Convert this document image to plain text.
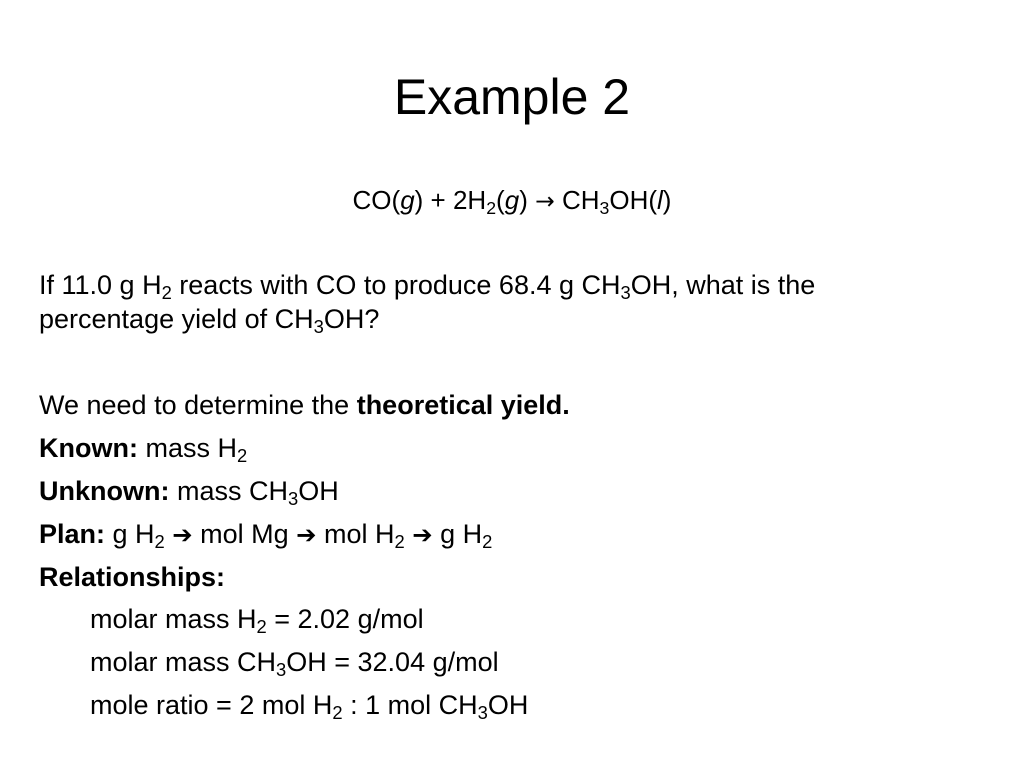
Example 2
$CO(g) + 2H_2(g) \to CH_3OH(l)$
If 11.0 g $H_2$ reacts with CO to produce 68.4 g $CH_3OH$, what is the
percentage yield of $CH_3OH$?
We need to determine the theoretical yield.
Known: mass $H_2$
Unknown: mass $CH_3OH$
Plan: g $H_2$ ➔ mol Mg ➔ mol $H_2$ ➔ g $H_2$
Relationships:
molar mass $H_2 = 2.02$ g/mol
molar mass $CH_3OH = 32.04$ g/mol
mole ratio = 2 mol $H_2$ : 1 mol $CH_3OH$
